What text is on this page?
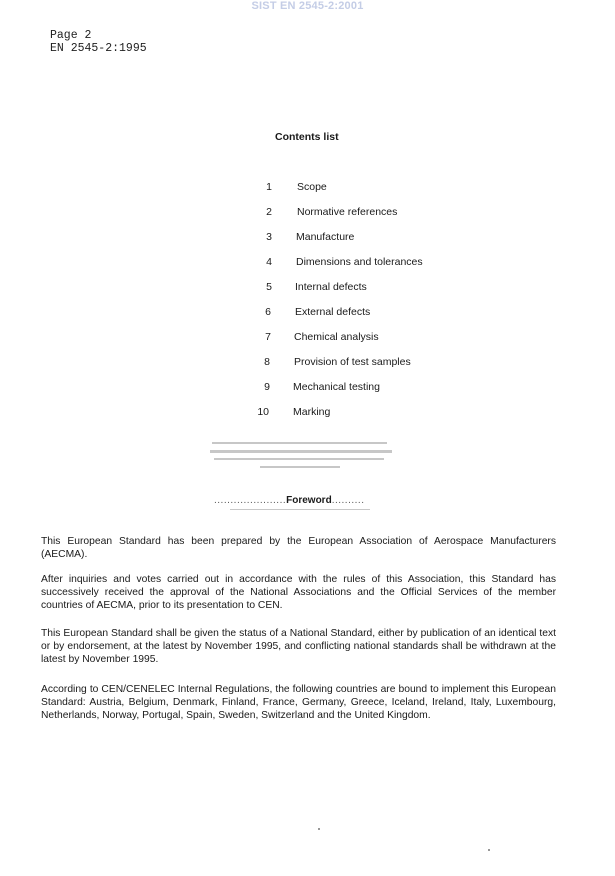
SIST EN 2545-2:2001
Page 2
EN 2545-2:1995
Contents list
1 Scope
2 Normative references
3 Manufacture
4 Dimensions and tolerances
5 Internal defects
6 External defects
7 Chemical analysis
8 Provision of test samples
9 Mechanical testing
10 Marking
......................Foreword..........

This European Standard has been prepared by the European Association of Aerospace Manufacturers (AECMA).

After inquiries and votes carried out in accordance with the rules of this Association, this Standard has successively received the approval of the National Associations and the Official Services of the member countries of AECMA, prior to its presentation to CEN.

This European Standard shall be given the status of a National Standard, either by publication of an identical text or by endorsement, at the latest by November 1995, and conflicting national standards shall be withdrawn at the latest by November 1995.

According to CEN/CENELEC Internal Regulations, the following countries are bound to implement this European Standard: Austria, Belgium, Denmark, Finland, France, Germany, Greece, Iceland, Ireland, Italy, Luxembourg, Netherlands, Norway, Portugal, Spain, Sweden, Switzerland and the United Kingdom.
